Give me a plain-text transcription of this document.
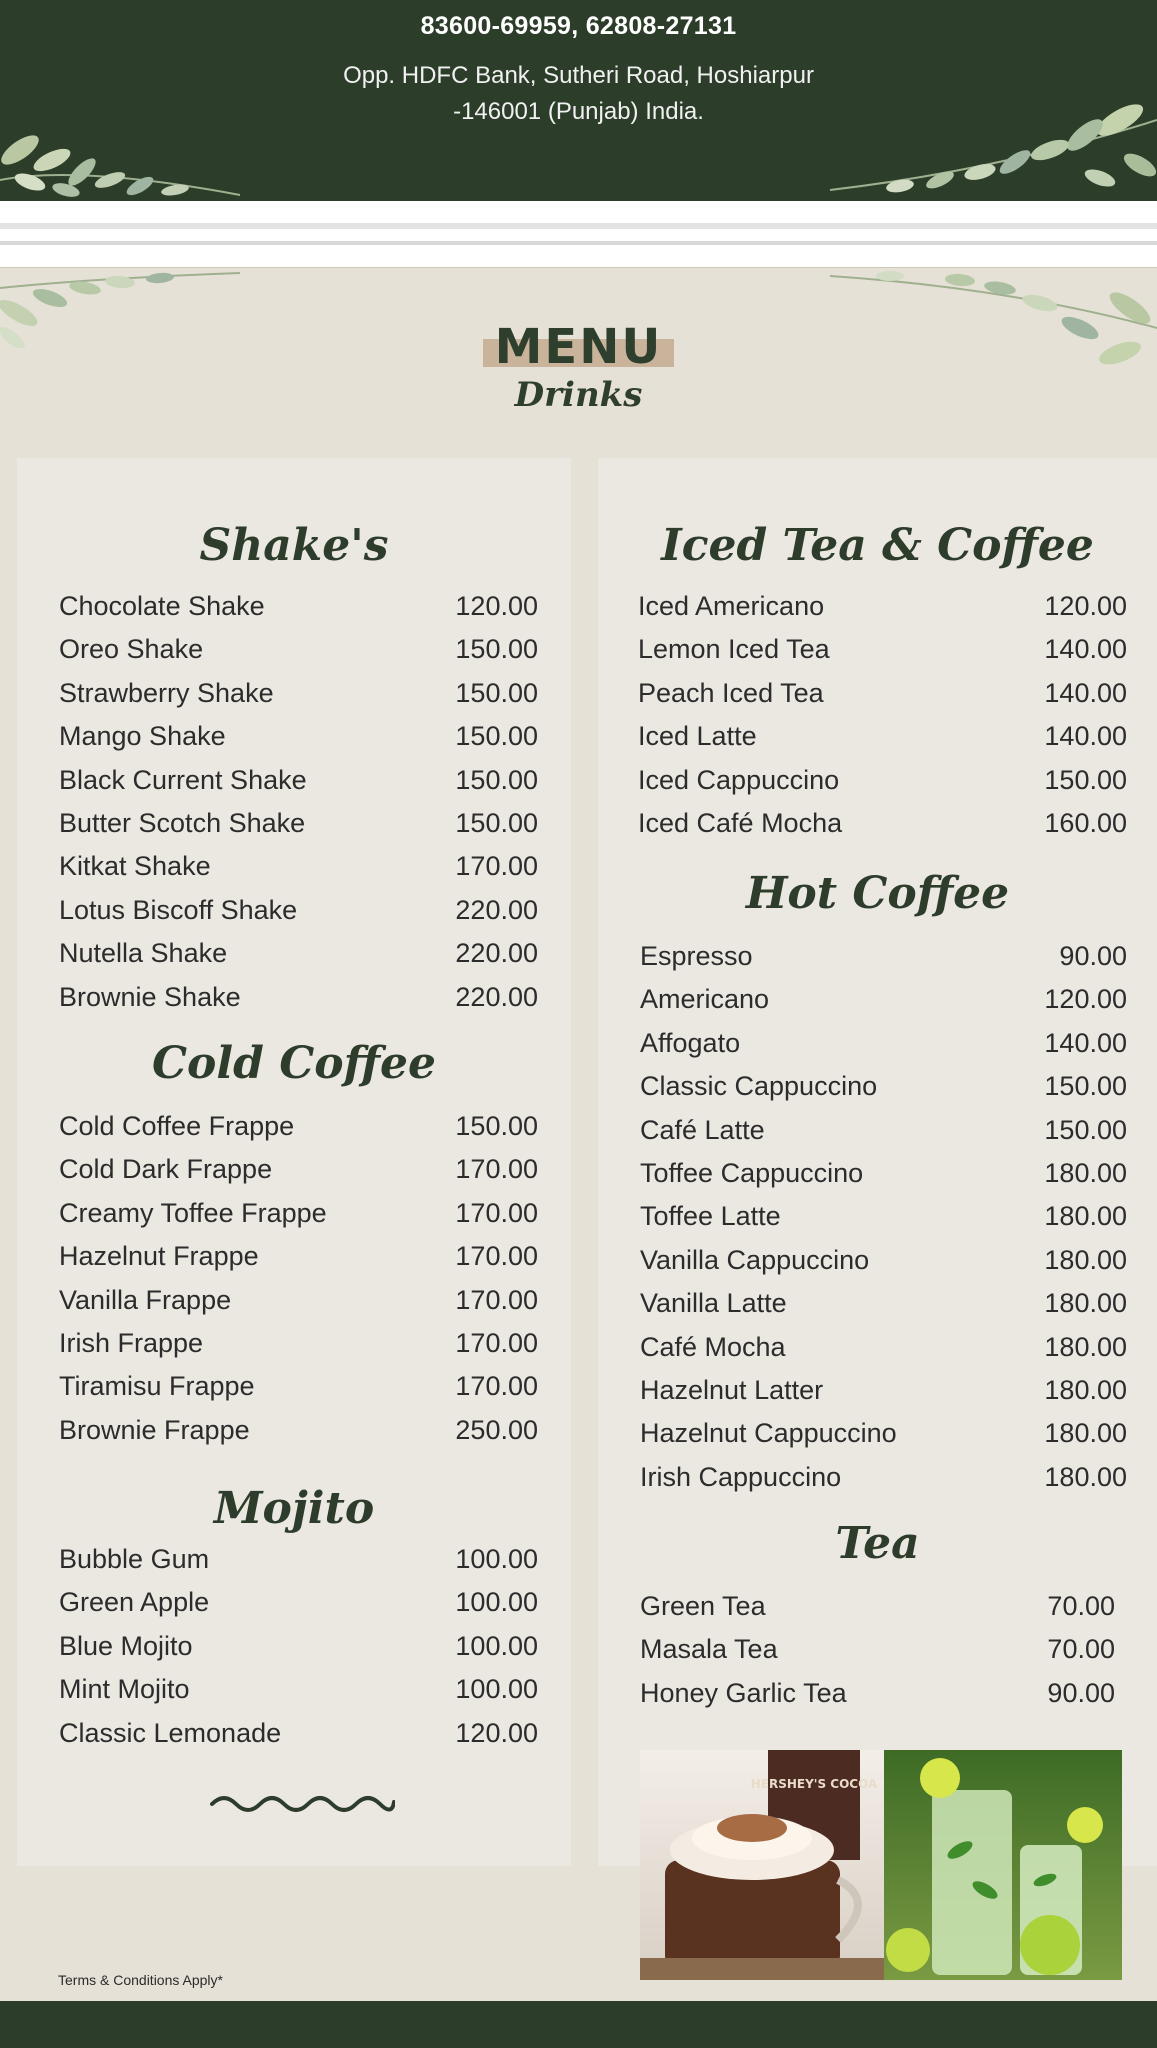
83600-69959, 62808-27131
Opp. HDFC Bank, Sutheri Road, Hoshiarpur
-146001 (Punjab) India.
MENU
Drinks
Shake's
Chocolate Shake	120.00
Oreo Shake	150.00
Strawberry Shake	150.00
Mango Shake	150.00
Black Current Shake	150.00
Butter Scotch Shake	150.00
Kitkat Shake	170.00
Lotus Biscoff Shake	220.00
Nutella Shake	220.00
Brownie Shake	220.00
Cold Coffee
Cold Coffee Frappe	150.00
Cold Dark Frappe	170.00
Creamy Toffee Frappe	170.00
Hazelnut Frappe	170.00
Vanilla Frappe	170.00
Irish Frappe	170.00
Tiramisu Frappe	170.00
Brownie Frappe	250.00
Mojito
Bubble Gum	100.00
Green Apple	100.00
Blue Mojito	100.00
Mint Mojito	100.00
Classic Lemonade	120.00
Iced Tea & Coffee
Iced Americano	120.00
Lemon Iced Tea	140.00
Peach Iced Tea	140.00
Iced Latte	140.00
Iced Cappuccino	150.00
Iced Café Mocha	160.00
Hot Coffee
Espresso	90.00
Americano	120.00
Affogato	140.00
Classic Cappuccino	150.00
Café Latte	150.00
Toffee Cappuccino	180.00
Toffee Latte	180.00
Vanilla Cappuccino	180.00
Vanilla Latte	180.00
Café Mocha	180.00
Hazelnut Latter	180.00
Hazelnut Cappuccino	180.00
Irish Cappuccino	180.00
Tea
Green Tea	70.00
Masala Tea	70.00
Honey Garlic Tea	90.00
HERSHEY'S COCOA
Terms & Conditions Apply*
